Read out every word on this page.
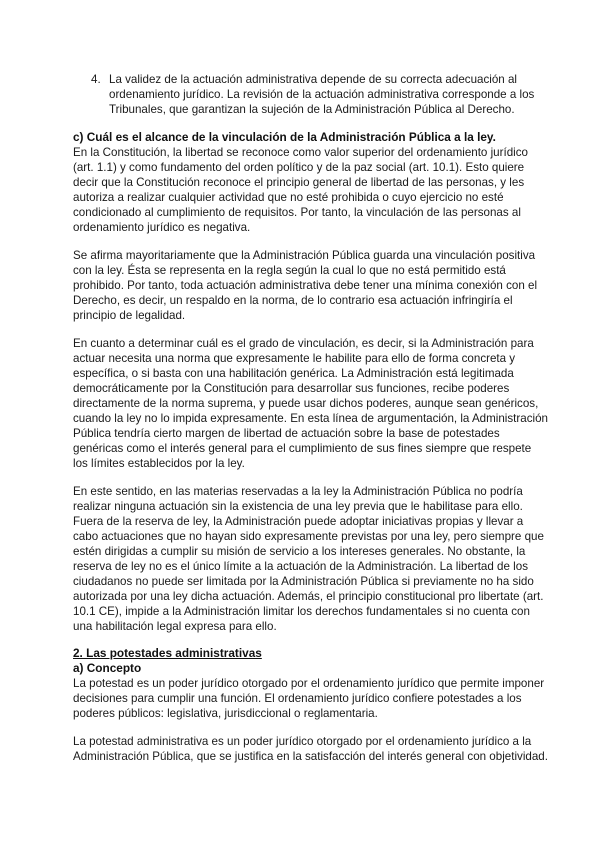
4. La validez de la actuación administrativa depende de su correcta adecuación al
ordenamiento jurídico. La revisión de la actuación administrativa corresponde a los
Tribunales, que garantizan la sujeción de la Administración Pública al Derecho.
c) Cuál es el alcance de la vinculación de la Administración Pública a la ley.
En la Constitución, la libertad se reconoce como valor superior del ordenamiento jurídico
(art. 1.1) y como fundamento del orden político y de la paz social (art. 10.1). Esto quiere
decir que la Constitución reconoce el principio general de libertad de las personas, y les
autoriza a realizar cualquier actividad que no esté prohibida o cuyo ejercicio no esté
condicionado al cumplimiento de requisitos. Por tanto, la vinculación de las personas al
ordenamiento jurídico es negativa.
Se afirma mayoritariamente que la Administración Pública guarda una vinculación positiva
con la ley. Ésta se representa en la regla según la cual lo que no está permitido está
prohibido. Por tanto, toda actuación administrativa debe tener una mínima conexión con el
Derecho, es decir, un respaldo en la norma, de lo contrario esa actuación infringiría el
principio de legalidad.
En cuanto a determinar cuál es el grado de vinculación, es decir, si la Administración para
actuar necesita una norma que expresamente le habilite para ello de forma concreta y
específica, o si basta con una habilitación genérica. La Administración está legitimada
democráticamente por la Constitución para desarrollar sus funciones, recibe poderes
directamente de la norma suprema, y puede usar dichos poderes, aunque sean genéricos,
cuando la ley no lo impida expresamente. En esta línea de argumentación, la Administración
Pública tendría cierto margen de libertad de actuación sobre la base de potestades
genéricas como el interés general para el cumplimiento de sus fines siempre que respete
los límites establecidos por la ley.
En este sentido, en las materias reservadas a la ley la Administración Pública no podría
realizar ninguna actuación sin la existencia de una ley previa que le habilitase para ello.
Fuera de la reserva de ley, la Administración puede adoptar iniciativas propias y llevar a
cabo actuaciones que no hayan sido expresamente previstas por una ley, pero siempre que
estén dirigidas a cumplir su misión de servicio a los intereses generales. No obstante, la
reserva de ley no es el único límite a la actuación de la Administración. La libertad de los
ciudadanos no puede ser limitada por la Administración Pública si previamente no ha sido
autorizada por una ley dicha actuación. Además, el principio constitucional pro libertate (art.
10.1 CE), impide a la Administración limitar los derechos fundamentales si no cuenta con
una habilitación legal expresa para ello.
2. Las potestades administrativas
a) Concepto
La potestad es un poder jurídico otorgado por el ordenamiento jurídico que permite imponer
decisiones para cumplir una función. El ordenamiento jurídico confiere potestades a los
poderes públicos: legislativa, jurisdiccional o reglamentaria.
La potestad administrativa es un poder jurídico otorgado por el ordenamiento jurídico a la
Administración Pública, que se justifica en la satisfacción del interés general con objetividad.
